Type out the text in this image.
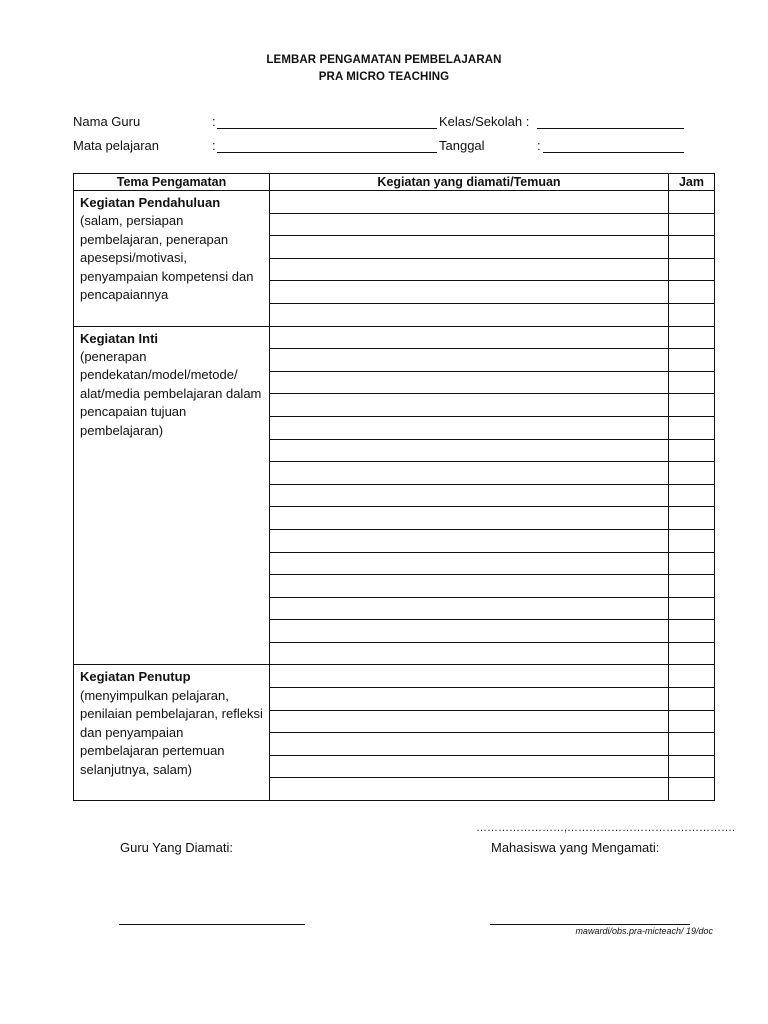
LEMBAR PENGAMATAN PEMBELAJARAN
PRA MICRO TEACHING
Nama Guru	:	Kelas/Sekolah :
Mata pelajaran	:	Tanggal	:
Tema Pengamatan	Kegiatan yang diamati/Temuan	Jam

Kegiatan Pendahuluan
(salam, persiapan pembelajaran, penerapan apesepsi/motivasi, penyampaian kompetensi dan pencapaiannya		

Kegiatan Inti
(penerapan pendekatan/model/metode/ alat/media pembelajaran dalam pencapaian tujuan pembelajaran)		

Kegiatan Penutup
(menyimpulkan pelajaran, penilaian pembelajaran, refleksi dan penyampaian pembelajaran pertemuan selanjutnya, salam)		

……………………,……………………………………….
Guru Yang Diamati:	Mahasiswa yang Mengamati:
mawardi/obs.pra-micteach/ 19/doc
